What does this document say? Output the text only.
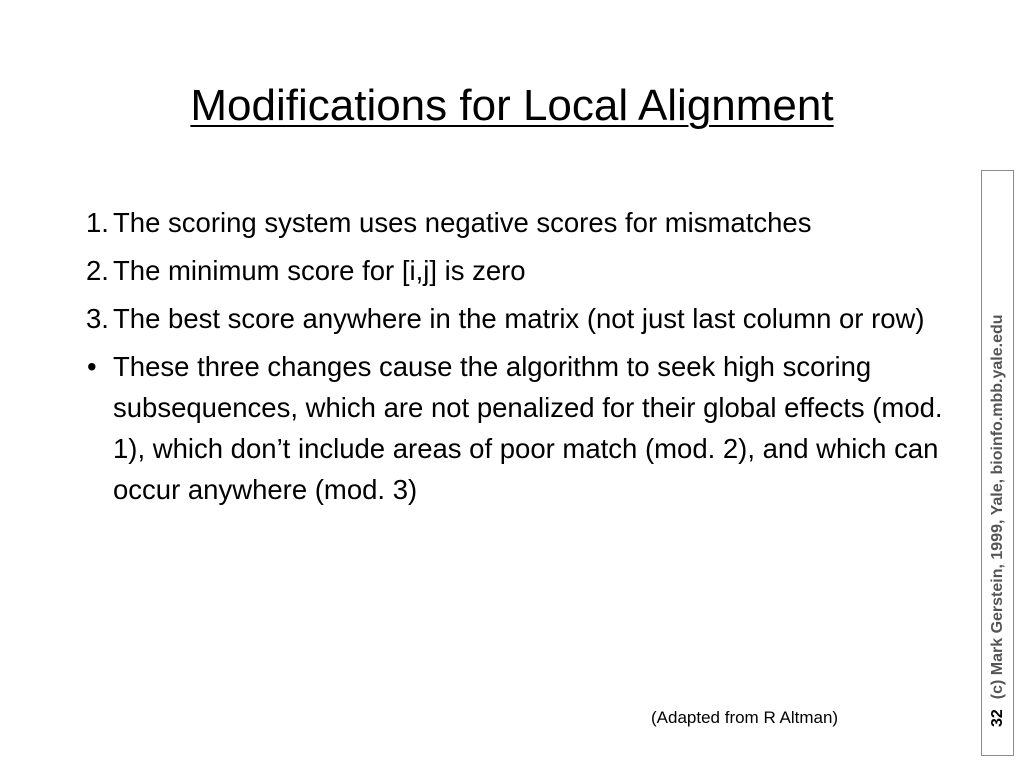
Modifications for Local Alignment
1. The scoring system uses negative scores for mismatches
2. The minimum score for [i,j] is zero
3. The best score anywhere in the matrix (not just last column or row)
• These three changes cause the algorithm to seek high scoring subsequences, which are not penalized for their global effects (mod. 1), which don’t include areas of poor match (mod. 2), and which can occur anywhere (mod. 3)
(Adapted from R Altman)	32(c) Mark Gerstein, 1999, Yale, bioinfo.mbb.yale.edu
